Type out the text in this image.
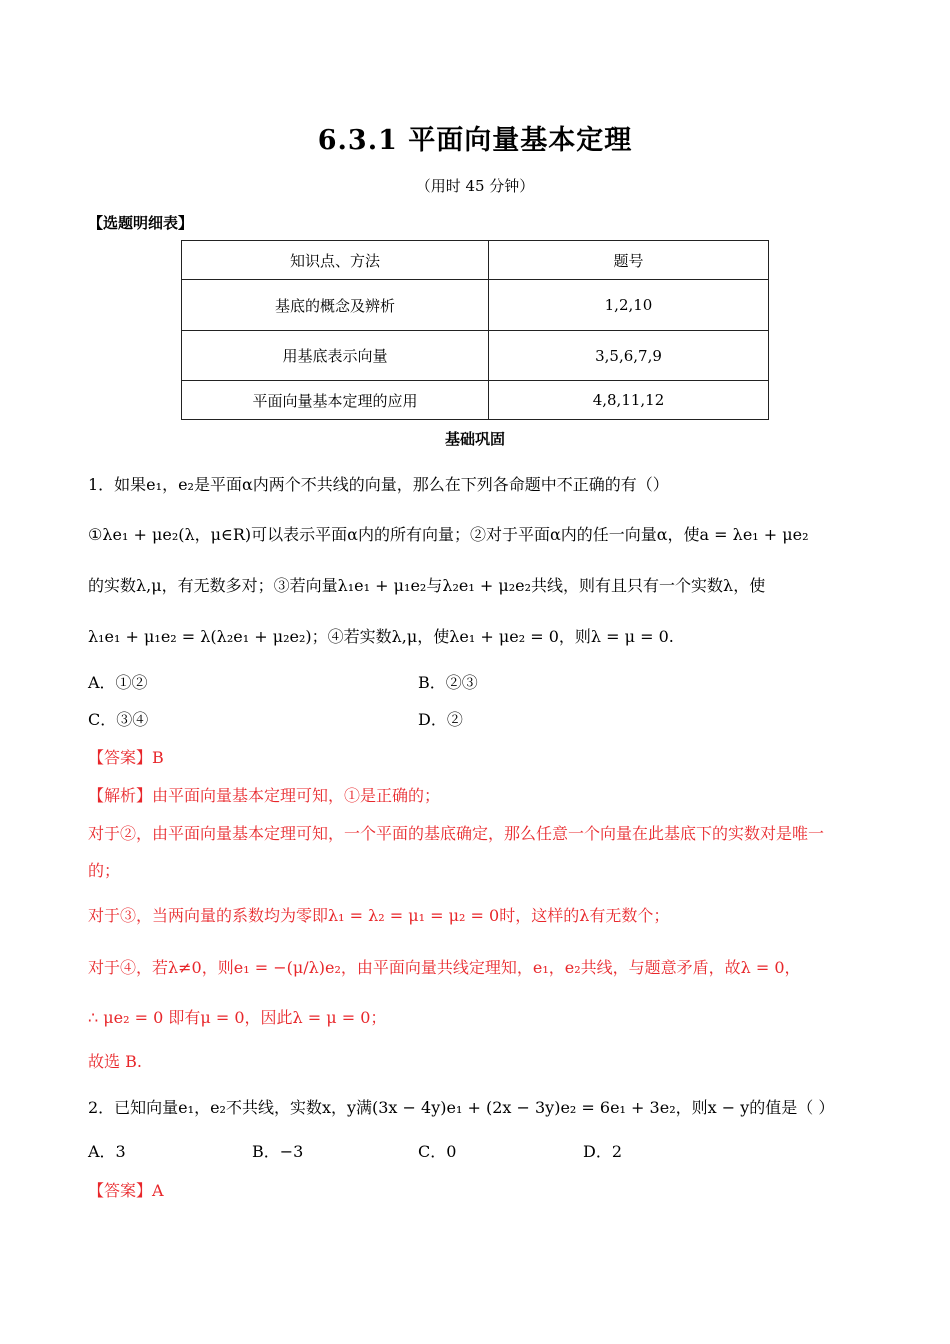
6.3.1 平面向量基本定理
（用时 45 分钟）
【选题明细表】
知识点、方法	题号
基底的概念及辨析	1,2,10
用基底表示向量	3,5,6,7,9
平面向量基本定理的应用	4,8,11,12
基础巩固
1．如果e₁，e₂是平面α内两个不共线的向量，那么在下列各命题中不正确的有（）
①λe₁ + μe₂(λ，μ∈R)可以表示平面α内的所有向量；②对于平面α内的任一向量α，使a = λe₁ + μe₂
的实数λ,μ，有无数多对；③若向量λ₁e₁ + μ₁e₂与λ₂e₁ + μ₂e₂共线，则有且只有一个实数λ，使
λ₁e₁ + μ₁e₂ = λ(λ₂e₁ + μ₂e₂)；④若实数λ,μ，使λe₁ + μe₂ = 0，则λ = μ = 0.
A．①②	B．②③
C．③④	D．②
【答案】B
【解析】由平面向量基本定理可知，①是正确的；
对于②，由平面向量基本定理可知，一个平面的基底确定，那么任意一个向量在此基底下的实数对是唯一
的；
对于③，当两向量的系数均为零即λ₁ = λ₂ = μ₁ = μ₂ = 0时，这样的λ有无数个；
对于④，若λ≠0，则e₁ = −(μ/λ)e₂，由平面向量共线定理知，e₁，e₂共线，与题意矛盾，故λ = 0，
∴ μe₂ = 0 即有μ = 0，因此λ = μ = 0；
故选 B.
2．已知向量e₁，e₂不共线，实数x，y满(3x − 4y)e₁ + (2x − 3y)e₂ = 6e₁ + 3e₂，则x − y的值是（ ）
A．3	B．−3	C．0	D．2
【答案】A
